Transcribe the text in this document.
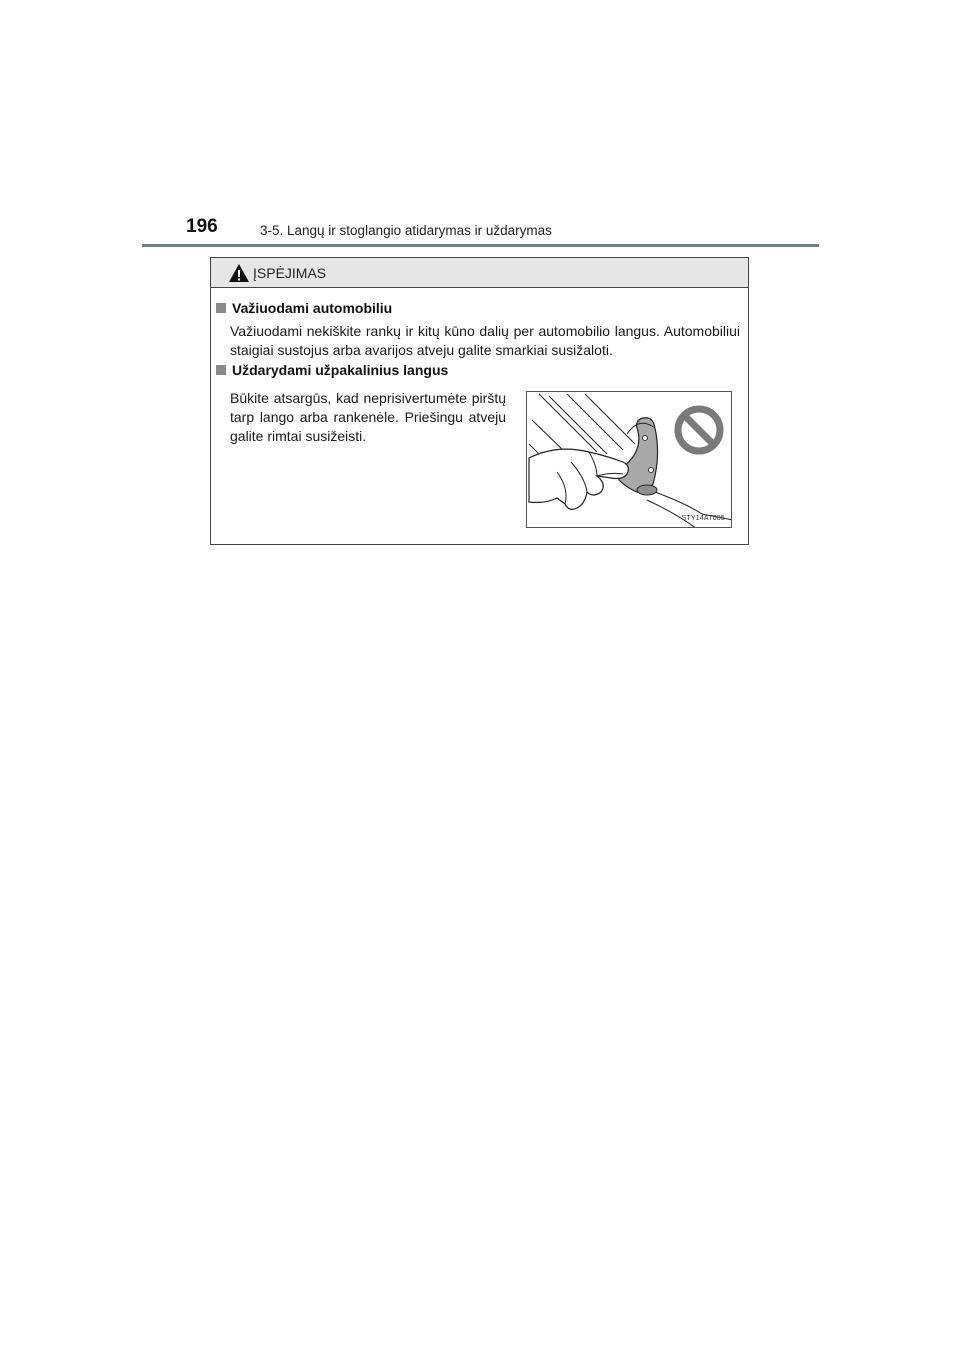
196	3-5. Langų ir stoglangio atidarymas ir uždarymas
ĮSPĖJIMAS
Važiuodami automobiliu

Važiuodami nekiškite rankų ir kitų kūno dalių per automobilio langus. Automobiliui staigiai sustojus arba avarijos atveju galite smarkiai susižaloti.

Uždarydami užpakalinius langus

Būkite atsargūs, kad neprisivertumėte pirštų tarp lango arba rankenėle. Priešingu atveju galite rimtai susižeisti.

STY14AT005
